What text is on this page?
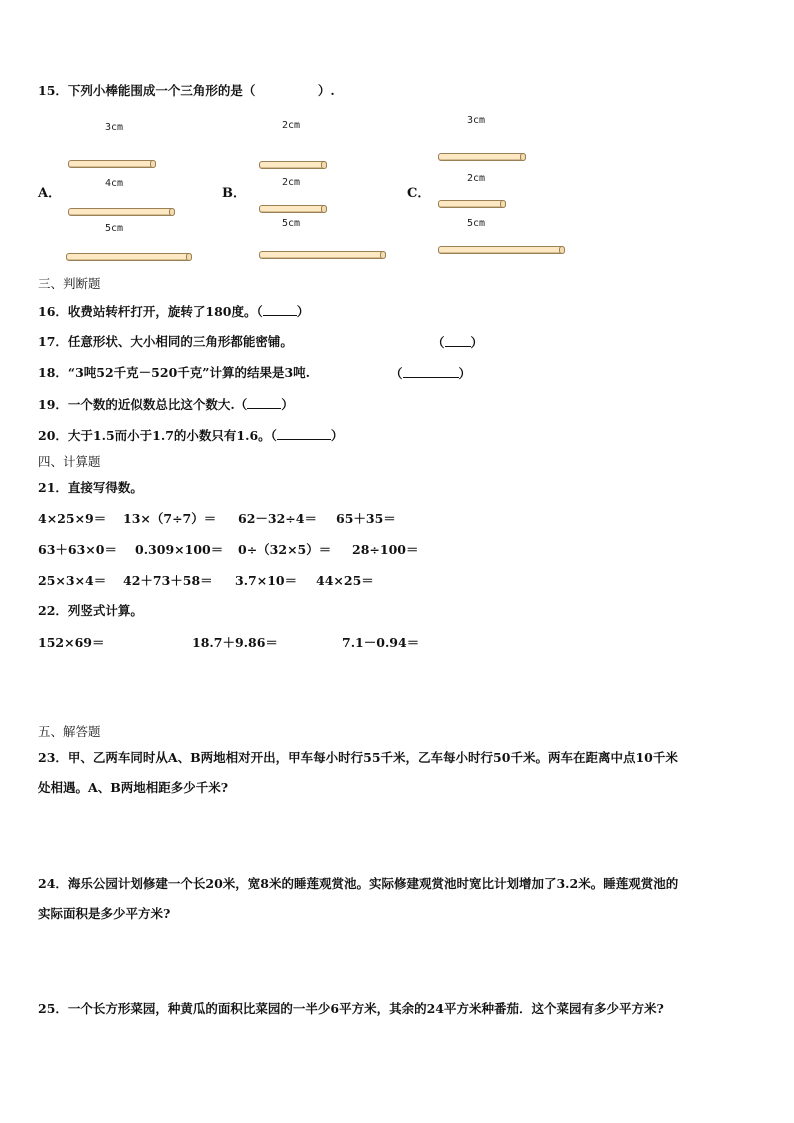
15．下列小棒能围成一个三角形的是（　　　　　）.
A．
3cm
4cm
5cm
B．
2cm
2cm
5cm
C．
3cm
2cm
5cm
三、判断题
16．收费站转杆打开，旋转了180度。（	）
17．任意形状、大小相同的三角形都能密铺。	（ ）
18．“3吨52千克－520千克”计算的结果是3吨.	（	）
19．一个数的近似数总比这个数大.（	）
20．大于1.5而小于1.7的小数只有1.6。（	）
四、计算题
21．直接写得数。
4×25×9＝ 13×（7÷7）＝ 62－32÷4＝ 65＋35＝
63＋63×0＝ 0.309×100＝ 0÷（32×5）＝ 28÷100＝
25×3×4＝ 42＋73＋58＝ 3.7×10＝ 44×25＝
22．列竖式计算。
152×69＝	18.7＋9.86＝	7.1－0.94＝
五、解答题
23．甲、乙两车同时从A、B两地相对开出，甲车每小时行55千米，乙车每小时行50千米。两车在距离中点10千米
处相遇。A、B两地相距多少千米?
24．海乐公园计划修建一个长20米，宽8米的睡莲观赏池。实际修建观赏池时宽比计划增加了3.2米。睡莲观赏池的
实际面积是多少平方米?
25．一个长方形菜园，种黄瓜的面积比菜园的一半少6平方米，其余的24平方米种番茄．这个菜园有多少平方米?
